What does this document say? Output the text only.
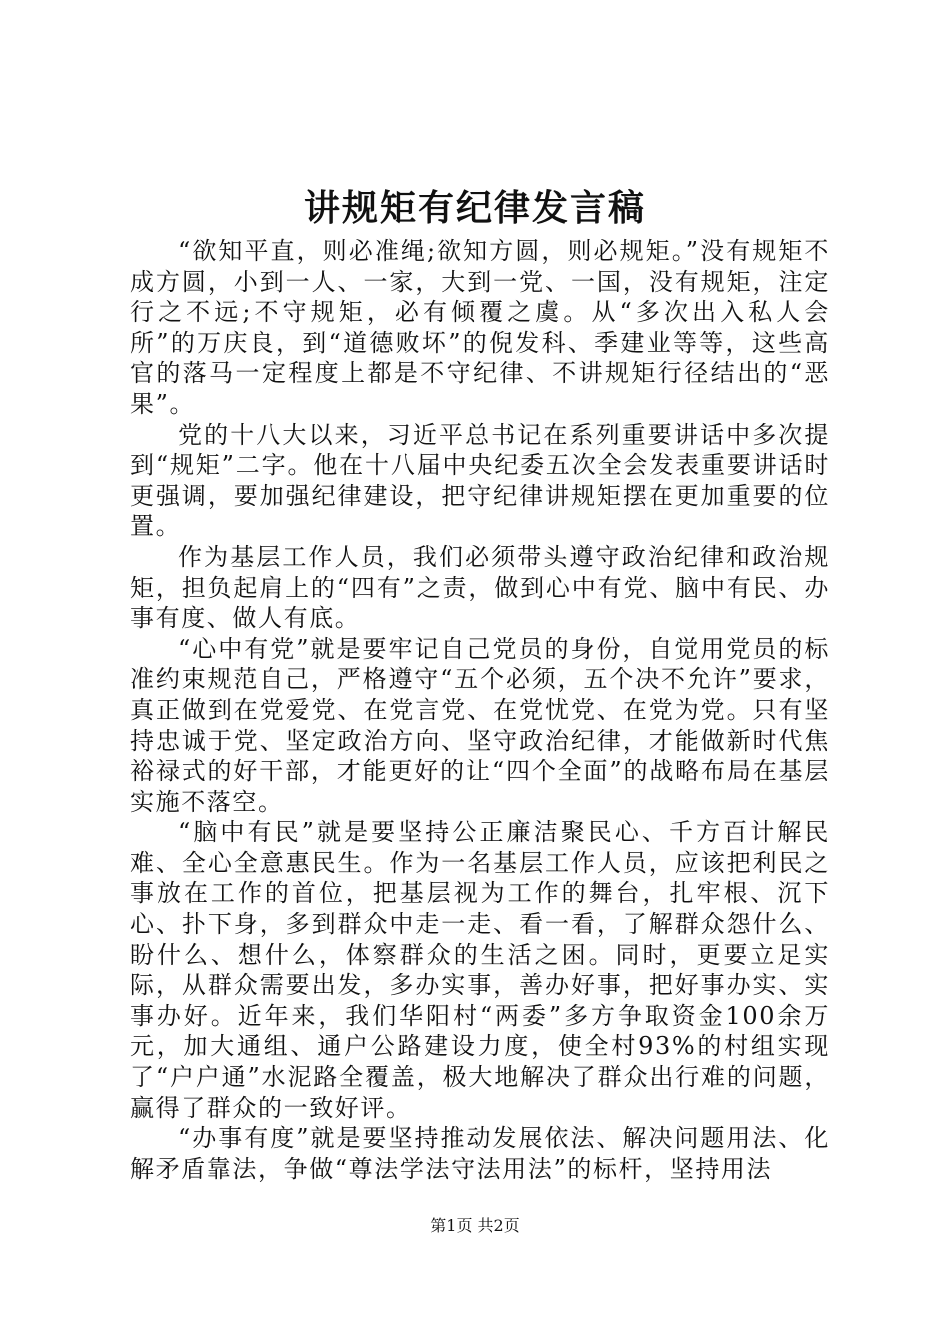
讲规矩有纪律发言稿

“欲知平直，则必准绳;欲知方圆，则必规矩。”没有规矩不成方圆，小到一人、一家，大到一党、一国，没有规矩，注定行之不远;不守规矩，必有倾覆之虞。从“多次出入私人会所”的万庆良，到“道德败坏”的倪发科、季建业等等，这些高官的落马一定程度上都是不守纪律、不讲规矩行径结出的“恶果”。

党的十八大以来，习近平总书记在系列重要讲话中多次提到“规矩”二字。他在十八届中央纪委五次全会发表重要讲话时更强调，要加强纪律建设，把守纪律讲规矩摆在更加重要的位置。

作为基层工作人员，我们必须带头遵守政治纪律和政治规矩，担负起肩上的“四有”之责，做到心中有党、脑中有民、办事有度、做人有底。

“心中有党”就是要牢记自己党员的身份，自觉用党员的标准约束规范自己，严格遵守“五个必须，五个决不允许”要求，真正做到在党爱党、在党言党、在党忧党、在党为党。只有坚持忠诚于党、坚定政治方向、坚守政治纪律，才能做新时代焦裕禄式的好干部，才能更好的让“四个全面”的战略布局在基层实施不落空。

“脑中有民”就是要坚持公正廉洁聚民心、千方百计解民难、全心全意惠民生。作为一名基层工作人员，应该把利民之事放在工作的首位，把基层视为工作的舞台，扎牢根、沉下心、扑下身，多到群众中走一走、看一看，了解群众怨什么、盼什么、想什么，体察群众的生活之困。同时，更要立足实际，从群众需要出发，多办实事，善办好事，把好事办实、实事办好。近年来，我们华阳村“两委”多方争取资金100余万元，加大通组、通户公路建设力度，使全村93%的村组实现了“户户通”水泥路全覆盖，极大地解决了群众出行难的问题，赢得了群众的一致好评。

“办事有度”就是要坚持推动发展依法、解决问题用法、化解矛盾靠法，争做“尊法学法守法用法”的标杆，坚持用法

第1页 共2页
